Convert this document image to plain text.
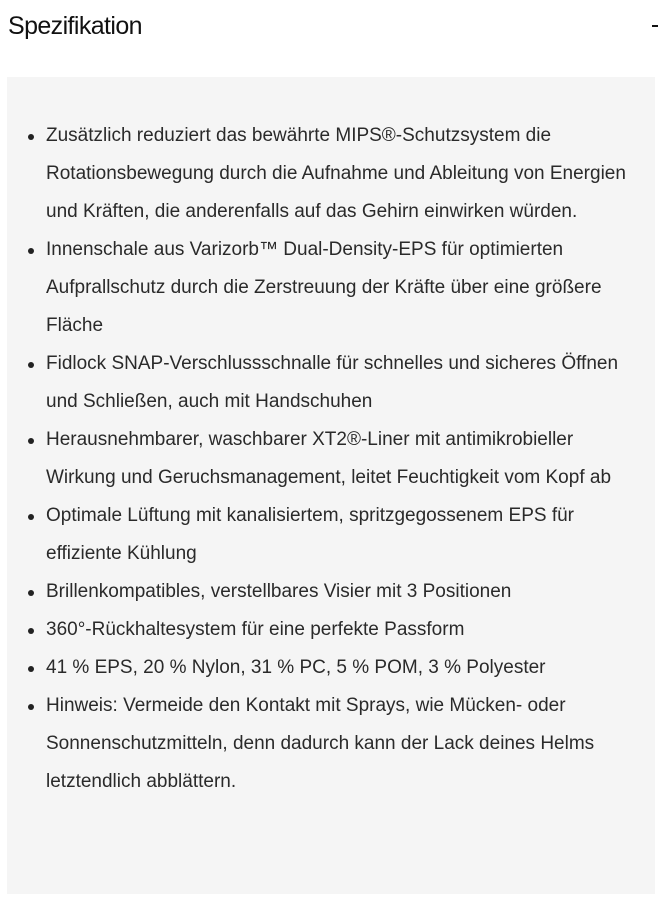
Spezifikation
Zusätzlich reduziert das bewährte MIPS®-Schutzsystem die Rotationsbewegung durch die Aufnahme und Ableitung von Energien und Kräften, die anderenfalls auf das Gehirn einwirken würden.
Innenschale aus Varizorb™ Dual-Density-EPS für optimierten Aufprallschutz durch die Zerstreuung der Kräfte über eine größere Fläche
Fidlock SNAP-Verschlussschnalle für schnelles und sicheres Öffnen und Schließen, auch mit Handschuhen
Herausnehmbarer, waschbarer XT2®-Liner mit antimikrobieller Wirkung und Geruchsmanagement, leitet Feuchtigkeit vom Kopf ab
Optimale Lüftung mit kanalisiertem, spritzgegossenem EPS für effiziente Kühlung
Brillenkompatibles, verstellbares Visier mit 3 Positionen
360°-Rückhaltesystem für eine perfekte Passform
41 % EPS, 20 % Nylon, 31 % PC, 5 % POM, 3 % Polyester
Hinweis: Vermeide den Kontakt mit Sprays, wie Mücken- oder Sonnenschutzmitteln, denn dadurch kann der Lack deines Helms letztendlich abblättern.
